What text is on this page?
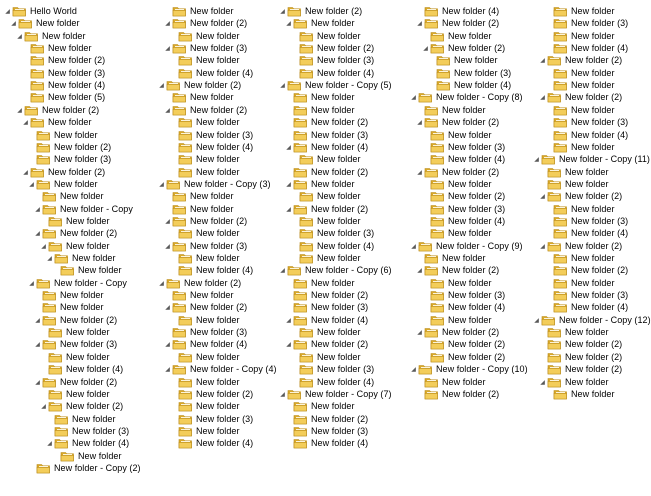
◢ Hello World
◢ New folder
◢ New folder
New folder
New folder (2)
New folder (3)
New folder (4)
New folder (5)
◢ New folder (2)
◢ New folder
New folder
New folder (2)
New folder (3)
◢ New folder (2)
◢ New folder
New folder
◢ New folder - Copy
New folder
◢ New folder (2)
◢ New folder
◢ New folder
New folder
◢ New folder - Copy
New folder
New folder
◢ New folder (2)
New folder
◢ New folder (3)
New folder
New folder (4)
◢ New folder (2)
New folder
◢ New folder (2)
New folder
New folder (3)
◢ New folder (4)
New folder
New folder - Copy (2)
New folder
◢ New folder (2)
New folder
◢ New folder (3)
New folder
New folder (4)
◢ New folder (2)
New folder
◢ New folder (2)
New folder
New folder (3)
New folder (4)
New folder
New folder
◢ New folder - Copy (3)
New folder
New folder
◢ New folder (2)
New folder
◢ New folder (3)
New folder
New folder (4)
◢ New folder (2)
New folder
◢ New folder (2)
New folder
New folder (3)
◢ New folder (4)
New folder
◢ New folder - Copy (4)
New folder
New folder (2)
New folder
New folder (3)
New folder
New folder (4)
◢ New folder (2)
◢ New folder
New folder
New folder (2)
New folder (3)
New folder (4)
◢ New folder - Copy (5)
New folder
New folder
New folder (2)
New folder (3)
◢ New folder (4)
New folder
New folder (2)
◢ New folder
New folder
◢ New folder (2)
New folder
New folder (3)
New folder (4)
New folder
◢ New folder - Copy (6)
New folder
New folder (2)
New folder (3)
◢ New folder (4)
New folder
◢ New folder (2)
New folder
New folder (3)
New folder (4)
◢ New folder - Copy (7)
New folder
New folder (2)
New folder (3)
New folder (4)
New folder (4)
◢ New folder (2)
New folder
◢ New folder (2)
New folder
New folder (3)
New folder (4)
◢ New folder - Copy (8)
New folder
◢ New folder (2)
New folder
New folder (3)
New folder (4)
◢ New folder (2)
New folder
New folder (2)
New folder (3)
New folder (4)
New folder
◢ New folder - Copy (9)
New folder
◢ New folder (2)
New folder
New folder (3)
New folder (4)
New folder
◢ New folder (2)
New folder (2)
New folder (2)
◢ New folder - Copy (10)
New folder
New folder (2)
New folder
New folder (3)
New folder
New folder (4)
◢ New folder (2)
New folder
New folder
◢ New folder (2)
New folder
New folder (3)
New folder (4)
New folder
◢ New folder - Copy (11)
New folder
New folder
◢ New folder (2)
New folder
New folder (3)
New folder (4)
◢ New folder (2)
New folder
New folder (2)
New folder
New folder (3)
New folder (4)
◢ New folder - Copy (12)
New folder
New folder (2)
New folder (2)
New folder (2)
◢ New folder
New folder
